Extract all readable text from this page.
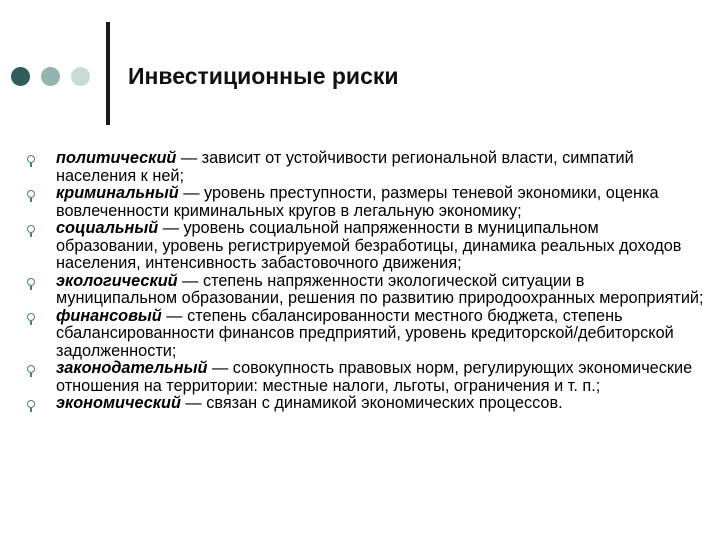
Инвестиционные риски
политический — зависит от устойчивости региональной власти, симпатий населения к ней;
криминальный — уровень преступности, размеры теневой экономики, оценка вовлеченности криминальных кругов в легальную экономику;
социальный — уровень социальной напряженности в муниципальном образовании, уровень регистрируемой безработицы, динамика реальных доходов населения, интенсивность забастовочного движения;
экологический — степень напряженности экологической ситуации в муниципальном образовании, решения по развитию природоохранных мероприятий;
финансовый — степень сбалансированности местного бюджета, степень сбалансированности финансов предприятий, уровень кредиторской/дебиторской задолженности;
законодательный — совокупность правовых норм, регулирующих экономические отношения на территории: местные налоги, льготы, ограничения и т. п.;
экономический — связан с динамикой экономических процессов.
